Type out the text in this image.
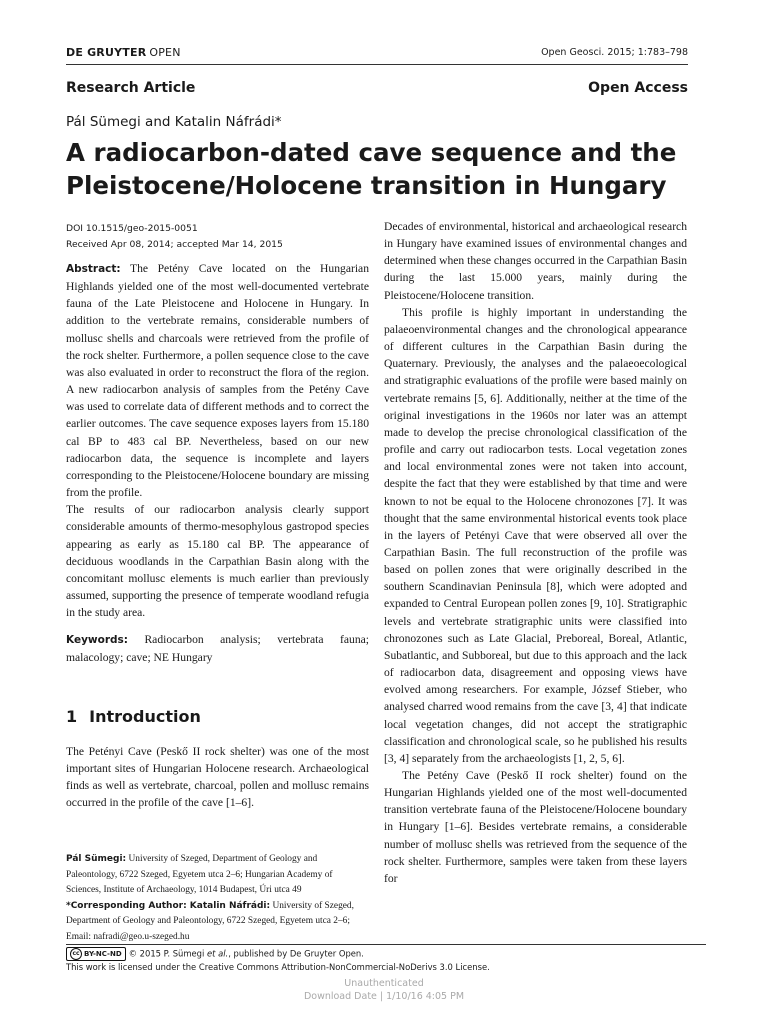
DE GRUYTER OPEN	Open Geosci. 2015; 1:783–798
Research Article	Open Access
Pál Sümegi and Katalin Náfrádi*
A radiocarbon-dated cave sequence and the Pleistocene/Holocene transition in Hungary
DOI 10.1515/geo-2015-0051
Received Apr 08, 2014; accepted Mar 14, 2015

Abstract: The Petény Cave located on the Hungarian Highlands yielded one of the most well-documented vertebrate fauna of the Late Pleistocene and Holocene in Hungary. In addition to the vertebrate remains, considerable numbers of mollusc shells and charcoals were retrieved from the profile of the rock shelter. Furthermore, a pollen sequence close to the cave was also evaluated in order to reconstruct the flora of the region. A new radiocarbon analysis of samples from the Petény Cave was used to correlate data of different methods and to correct the earlier outcomes. The cave sequence exposes layers from 15.180 cal BP to 483 cal BP. Nevertheless, based on our new radiocarbon data, the sequence is incomplete and layers corresponding to the Pleistocene/Holocene boundary are missing from the profile.

The results of our radiocarbon analysis clearly support considerable amounts of thermo-mesophylous gastropod species appearing as early as 15.180 cal BP. The appearance of deciduous woodlands in the Carpathian Basin along with the concomitant mollusc elements is much earlier than previously assumed, supporting the presence of temperate woodland refugia in the study area.

Keywords: Radiocarbon analysis; vertebrata fauna; malacology; cave; NE Hungary

1 Introduction

The Petényi Cave (Peskő II rock shelter) was one of the most important sites of Hungarian Holocene research. Archaeological finds as well as vertebrate, charcoal, pollen and mollusc remains occurred in the profile of the cave [1–6].

Decades of environmental, historical and archaeological research in Hungary have examined issues of environmental changes and determined when these changes occurred in the Carpathian Basin during the last 15.000 years, mainly during the Pleistocene/Holocene transition.

This profile is highly important in understanding the palaeoenvironmental changes and the chronological appearance of different cultures in the Carpathian Basin during the Quaternary. Previously, the analyses and the palaeoecological and stratigraphic evaluations of the profile were based mainly on vertebrate remains [5, 6]. Additionally, neither at the time of the original investigations in the 1960s nor later was an attempt made to develop the precise chronological classification of the profile and carry out radiocarbon tests. Local vegetation zones and local environmental zones were not taken into account, despite the fact that they were established by that time and were known to not be equal to the Holocene chronozones [7]. It was thought that the same environmental historical events took place in the layers of Petényi Cave that were observed all over the Carpathian Basin. The full reconstruction of the profile was based on pollen zones that were originally described in the southern Scandinavian Peninsula [8], which were adopted and expanded to Central European pollen zones [9, 10]. Stratigraphic levels and vertebrate stratigraphic units were classified into chronozones such as Late Glacial, Preboreal, Boreal, Atlantic, Subatlantic, and Subboreal, but due to this approach and the lack of radiocarbon data, disagreement and opposing views have evolved among researchers. For example, József Stieber, who analysed charred wood remains from the cave [3, 4] that indicate local vegetation changes, did not accept the stratigraphic classification and chronological scale, so he published his results [3, 4] separately from the archaeologists [1, 2, 5, 6].

The Petény Cave (Peskő II rock shelter) found on the Hungarian Highlands yielded one of the most well-documented transition vertebrate fauna of the Pleistocene/Holocene boundary in Hungary [1–6]. Besides vertebrate remains, a considerable number of mollusc shells was retrieved from the sequence of the rock shelter. Furthermore, samples were taken from these layers for

Pál Sümegi: University of Szeged, Department of Geology and Paleontology, 6722 Szeged, Egyetem utca 2–6; Hungarian Academy of Sciences, Institute of Archaeology, 1014 Budapest, Úri utca 49
*Corresponding Author: Katalin Náfrádi: University of Szeged, Department of Geology and Paleontology, 6722 Szeged, Egyetem utca 2–6; Email: nafradi@geo.u-szeged.hu
cc BY-NC-ND © 2015 P. Sümegi et al., published by De Gruyter Open.
This work is licensed under the Creative Commons Attribution-NonCommercial-NoDerivs 3.0 License.
Unauthenticated
Download Date | 1/10/16 4:05 PM
